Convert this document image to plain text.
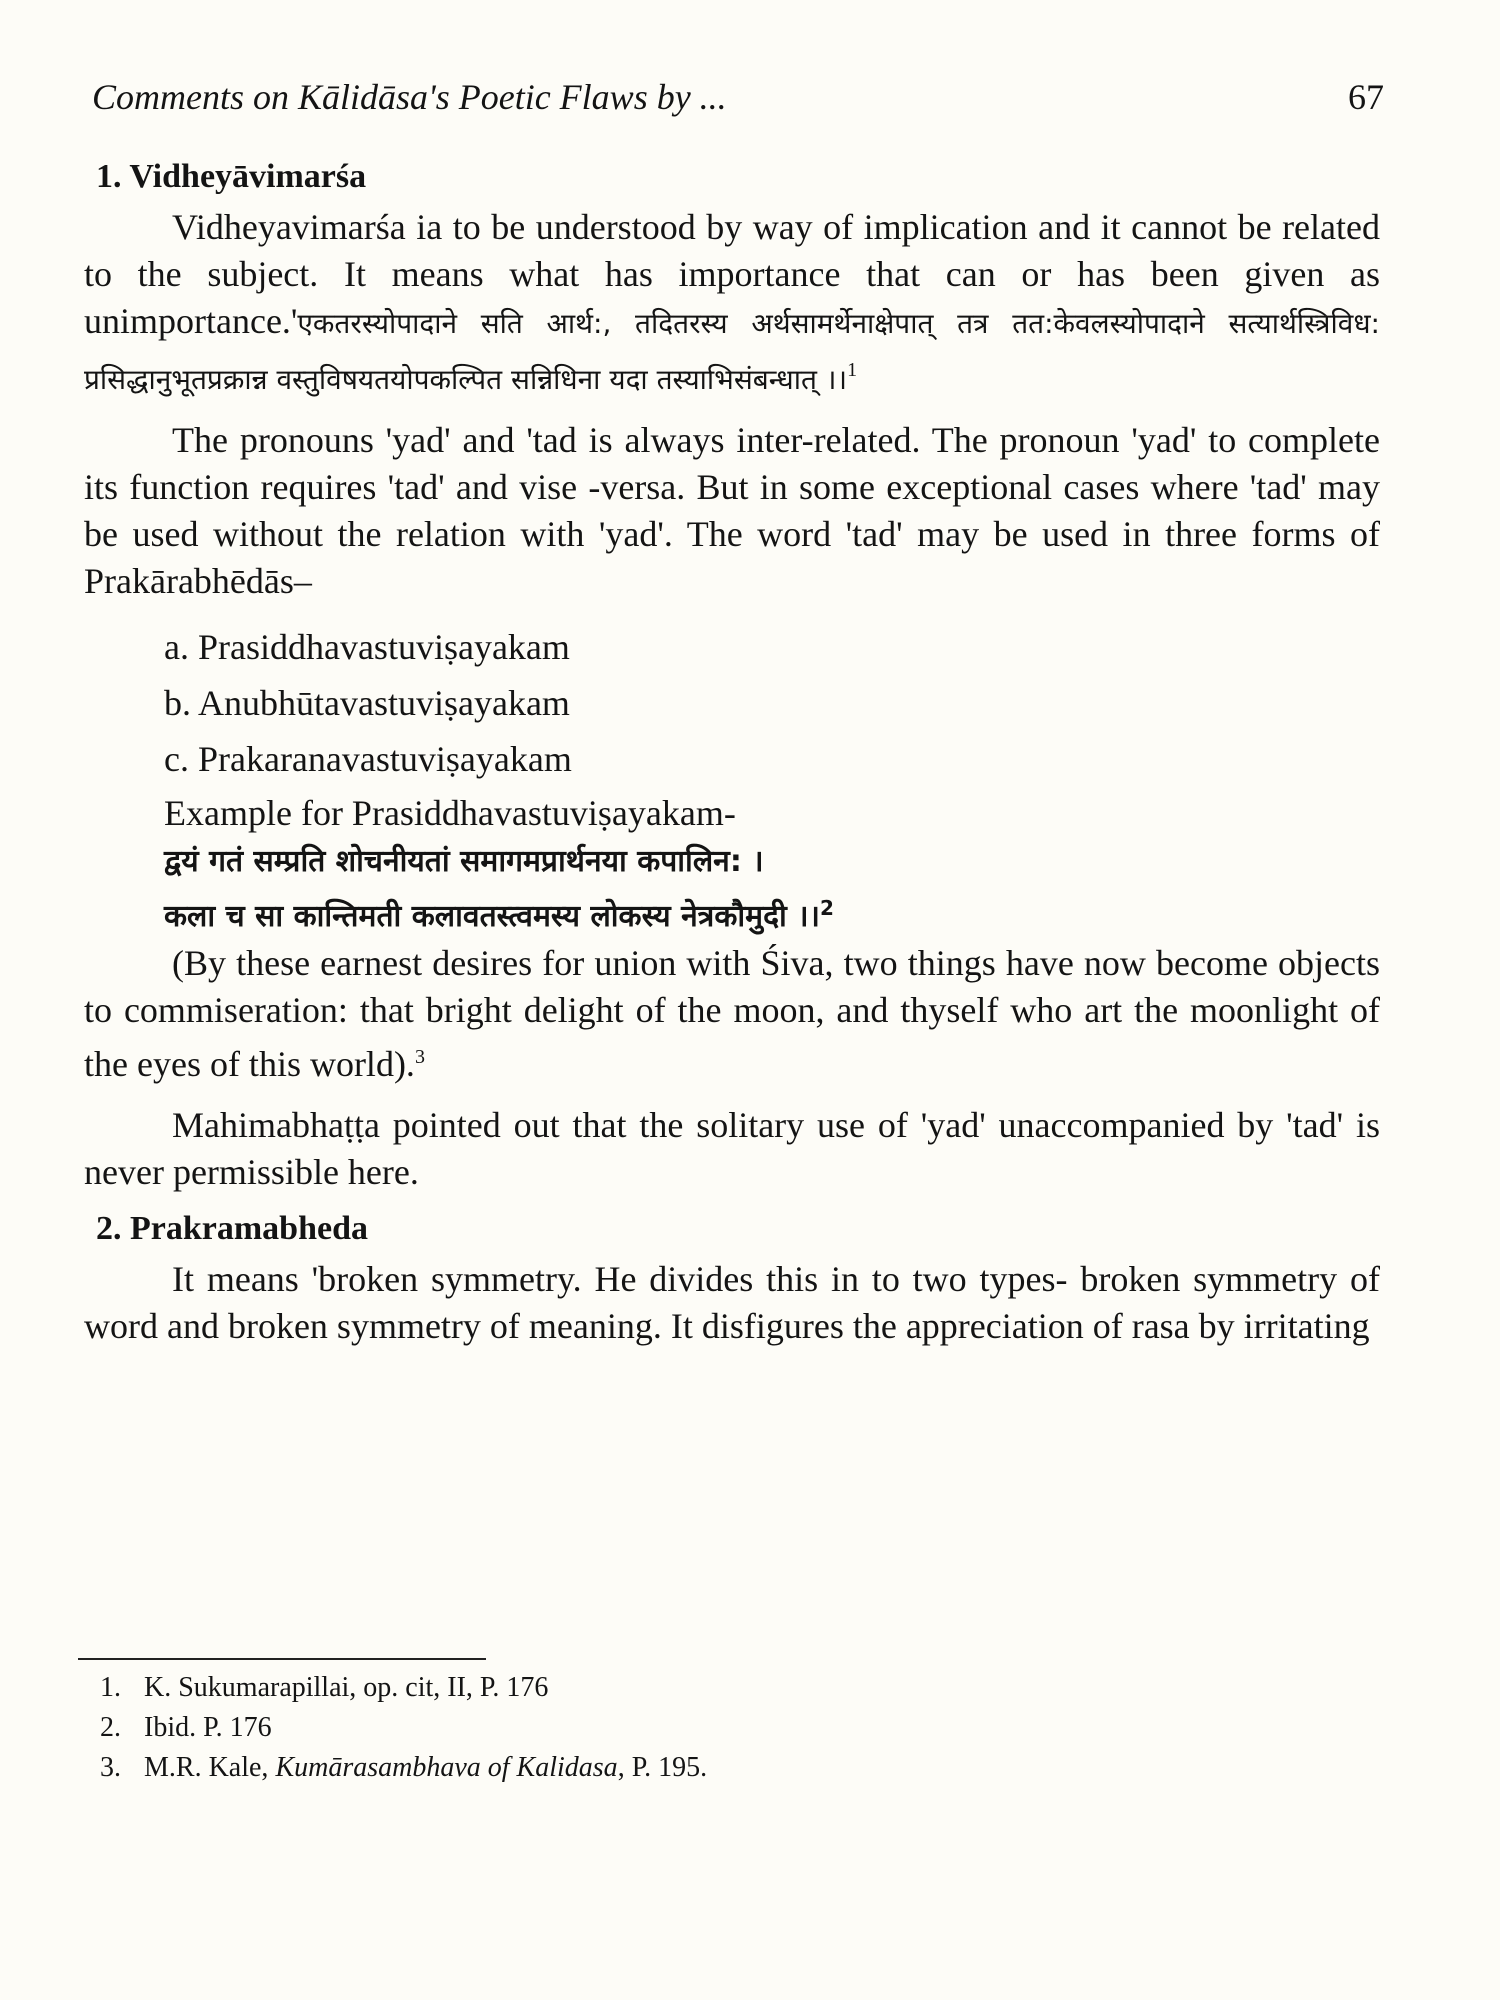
Comments on Kālidāsa's Poetic Flaws by ...	67
1. Vidheyāvimarśa

Vidheyavimarśa ia to be understood by way of implication and it cannot be related to the subject. It means what has importance that can or has been given as unimportance.'एकतरस्योपादाने सति आर्थ:, तदितरस्य अर्थसामर्थेनाक्षेपात् तत्र तत:केवलस्योपादाने सत्यार्थस्त्रिविध: प्रसिद्धानुभूतप्रक्रान्न वस्तुविषयतयोपकल्पित सन्निधिना यदा तस्याभिसंबन्धात् ।।$^1$

The pronouns 'yad' and 'tad is always inter-related. The pronoun 'yad' to complete its function requires 'tad' and vise -versa. But in some exceptional cases where 'tad' may be used without the relation with 'yad'. The word 'tad' may be used in three forms of Prakārabhēdās–

a. Prasiddhavastuviṣayakam
b. Anubhūtavastuviṣayakam
c. Prakaranavastuviṣayakam
Example for Prasiddhavastuviṣayakam-
द्वयं गतं सम्प्रति शोचनीयतां समागमप्रार्थनया कपालिन: ।
कला च सा कान्तिमती कलावतस्त्वमस्य लोकस्य नेत्रकौमुदी ।।$^2$

(By these earnest desires for union with Śiva, two things have now become objects to commiseration: that bright delight of the moon, and thyself who art the moonlight of the eyes of this world).$^3$

Mahimabhaṭṭa pointed out that the solitary use of 'yad' unaccompanied by 'tad' is never permissible here.

2. Prakramabheda

It means 'broken symmetry. He divides this in to two types- broken symmetry of word and broken symmetry of meaning. It disfigures the appreciation of rasa by irritating

1. K. Sukumarapillai, op. cit, II, P. 176
2. Ibid. P. 176
3. M.R. Kale, Kumārasambhava of Kalidasa, P. 195.
